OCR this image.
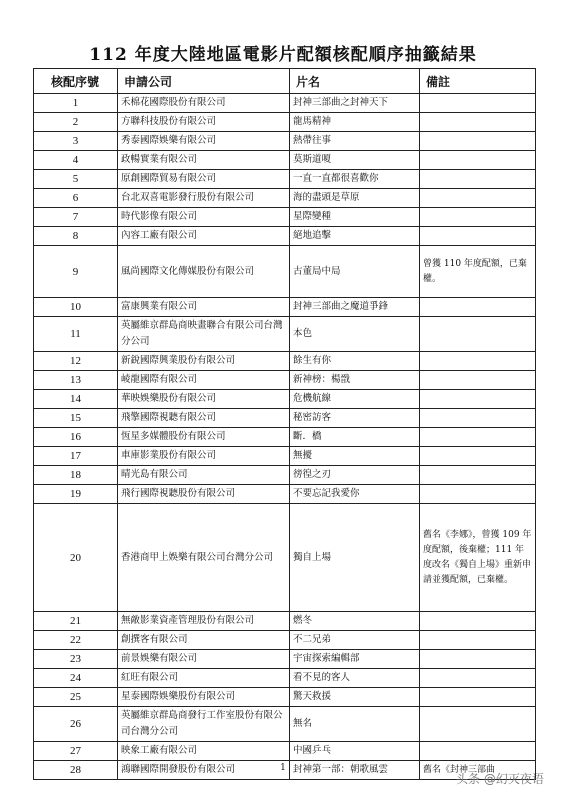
112 年度大陸地區電影片配額核配順序抽籤結果
核配序號	申請公司	片名	備註
1	禾棉花國際股份有限公司	封神三部曲之封神天下	
2	方聯科技股份有限公司	龍馬精神	
3	秀泰國際娛樂有限公司	熱帶往事	
4	政暢實業有限公司	莫斯道嗄	
5	原創國際貿易有限公司	一直一直都很喜歡你	
6	台北双喜電影發行股份有限公司	海的盡頭是草原	
7	時代影像有限公司	星際變種	
8	內容工廠有限公司	絕地追擊	
9	風尚國際文化傳媒股份有限公司	古董局中局	曾獲 110 年度配額，已棄權。
10	富康興業有限公司	封神三部曲之魔道爭鋒	
11	英屬維京群島商映畫聯合有限公司台灣分公司	本色	
12	新銳國際興業股份有限公司	餘生有你	
13	崚龍國際有限公司	新神榜：楊戩	
14	華映娛樂股份有限公司	危機航線	
15	飛擎國際視聽有限公司	秘密訪客	
16	恆星多媒體股份有限公司	斷．橋	
17	車庫影業股份有限公司	無擾	
18	晴光島有限公司	徬徨之刃	
19	飛行國際視聽股份有限公司	不要忘記我愛你	
20	香港商甲上娛樂有限公司台灣分公司	獨自上場	舊名《李娜》，曾獲 109 年度配額，後棄權；111 年度改名《獨自上場》重新申請並獲配額，已棄權。
21	無敵影業資產管理股份有限公司	燃冬	
22	創撰客有限公司	不二兄弟	
23	前景娛樂有限公司	宇宙探索編輯部	
24	紅旺有限公司	看不見的客人	
25	星泰國際娛樂股份有限公司	驚天救援	
26	英屬維京群島商發行工作室股份有限公司台灣分公司	無名	
27	映象工廠有限公司	中國乒乓	
28	鴻聯國際開發股份有限公司	封神第一部：朝歌風雲	舊名《封神三部曲
1
头条 @幻灭夜语
